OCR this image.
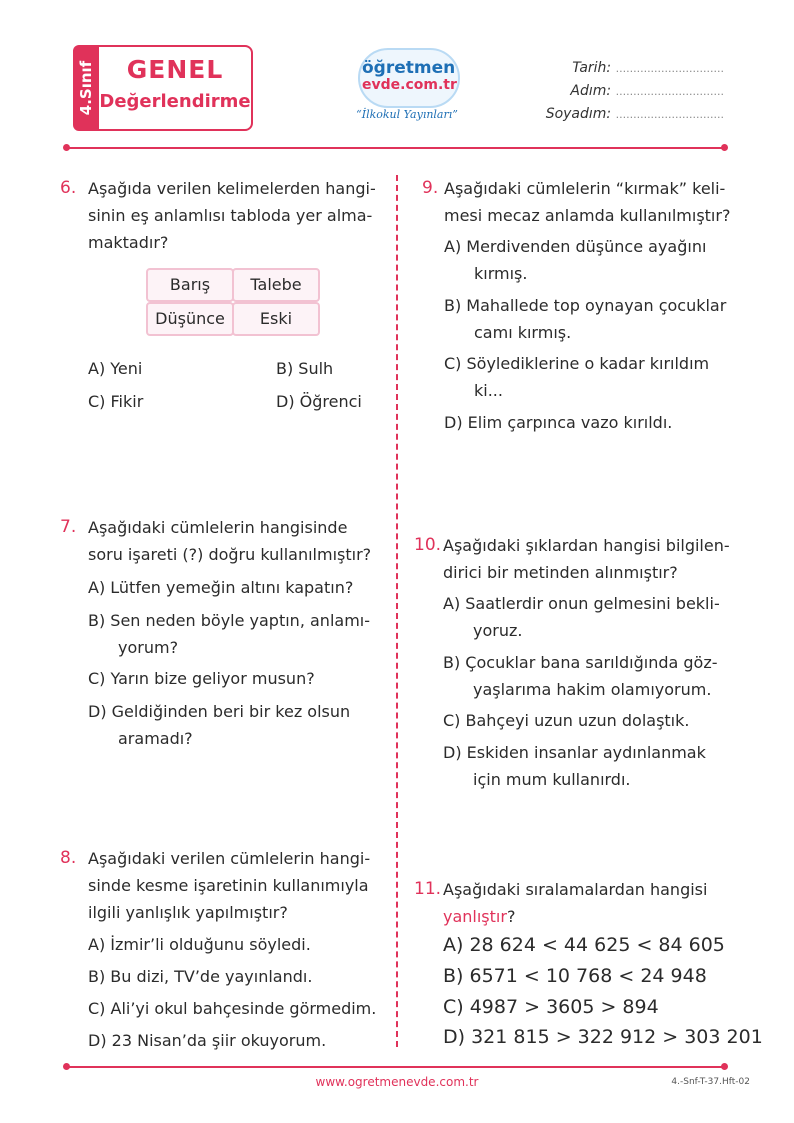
4.Sınıf	GENEL
Değerlendirme
öğretmen
evde.com.tr
“İlkokul Yayınları”
Tarih: ...............................
Adım: ...............................
Soyadım: ...............................
6. Aşağıda verilen kelimelerden hangi-
sinin eş anlamlısı tabloda yer alma-
maktadır?
Barış	Talebe
Düşünce	Eski
A) Yeni	B) Sulh
C) Fikir	D) Öğrenci
7. Aşağıdaki cümlelerin hangisinde
soru işareti (?) doğru kullanılmıştır?
A) Lütfen yemeğin altını kapatın?
B) Sen neden böyle yaptın, anlamı-
yorum?
C) Yarın bize geliyor musun?
D) Geldiğinden beri bir kez olsun
aramadı?
8. Aşağıdaki verilen cümlelerin hangi-
sinde kesme işaretinin kullanımıyla
ilgili yanlışlık yapılmıştır?
A) İzmir’li olduğunu söyledi.
B) Bu dizi, TV’de yayınlandı.
C) Ali’yi okul bahçesinde görmedim.
D) 23 Nisan’da şiir okuyorum.
9. Aşağıdaki cümlelerin “kırmak” keli-
mesi mecaz anlamda kullanılmıştır?
A) Merdivenden düşünce ayağını
kırmış.
B) Mahallede top oynayan çocuklar
camı kırmış.
C) Söylediklerine o kadar kırıldım
ki...
D) Elim çarpınca vazo kırıldı.
10. Aşağıdaki şıklardan hangisi bilgilen-
dirici bir metinden alınmıştır?
A) Saatlerdir onun gelmesini bekli-
yoruz.
B) Çocuklar bana sarıldığında göz-
yaşlarıma hakim olamıyorum.
C) Bahçeyi uzun uzun dolaştık.
D) Eskiden insanlar aydınlanmak
için mum kullanırdı.
11. Aşağıdaki sıralamalardan hangisi
yanlıştır?
A) 28 624 < 44 625 < 84 605
B) 6571 < 10 768 < 24 948
C) 4987 > 3605 > 894
D) 321 815 > 322 912 > 303 201
www.ogretmenevde.com.tr	4.-Snf-T-37.Hft-02
